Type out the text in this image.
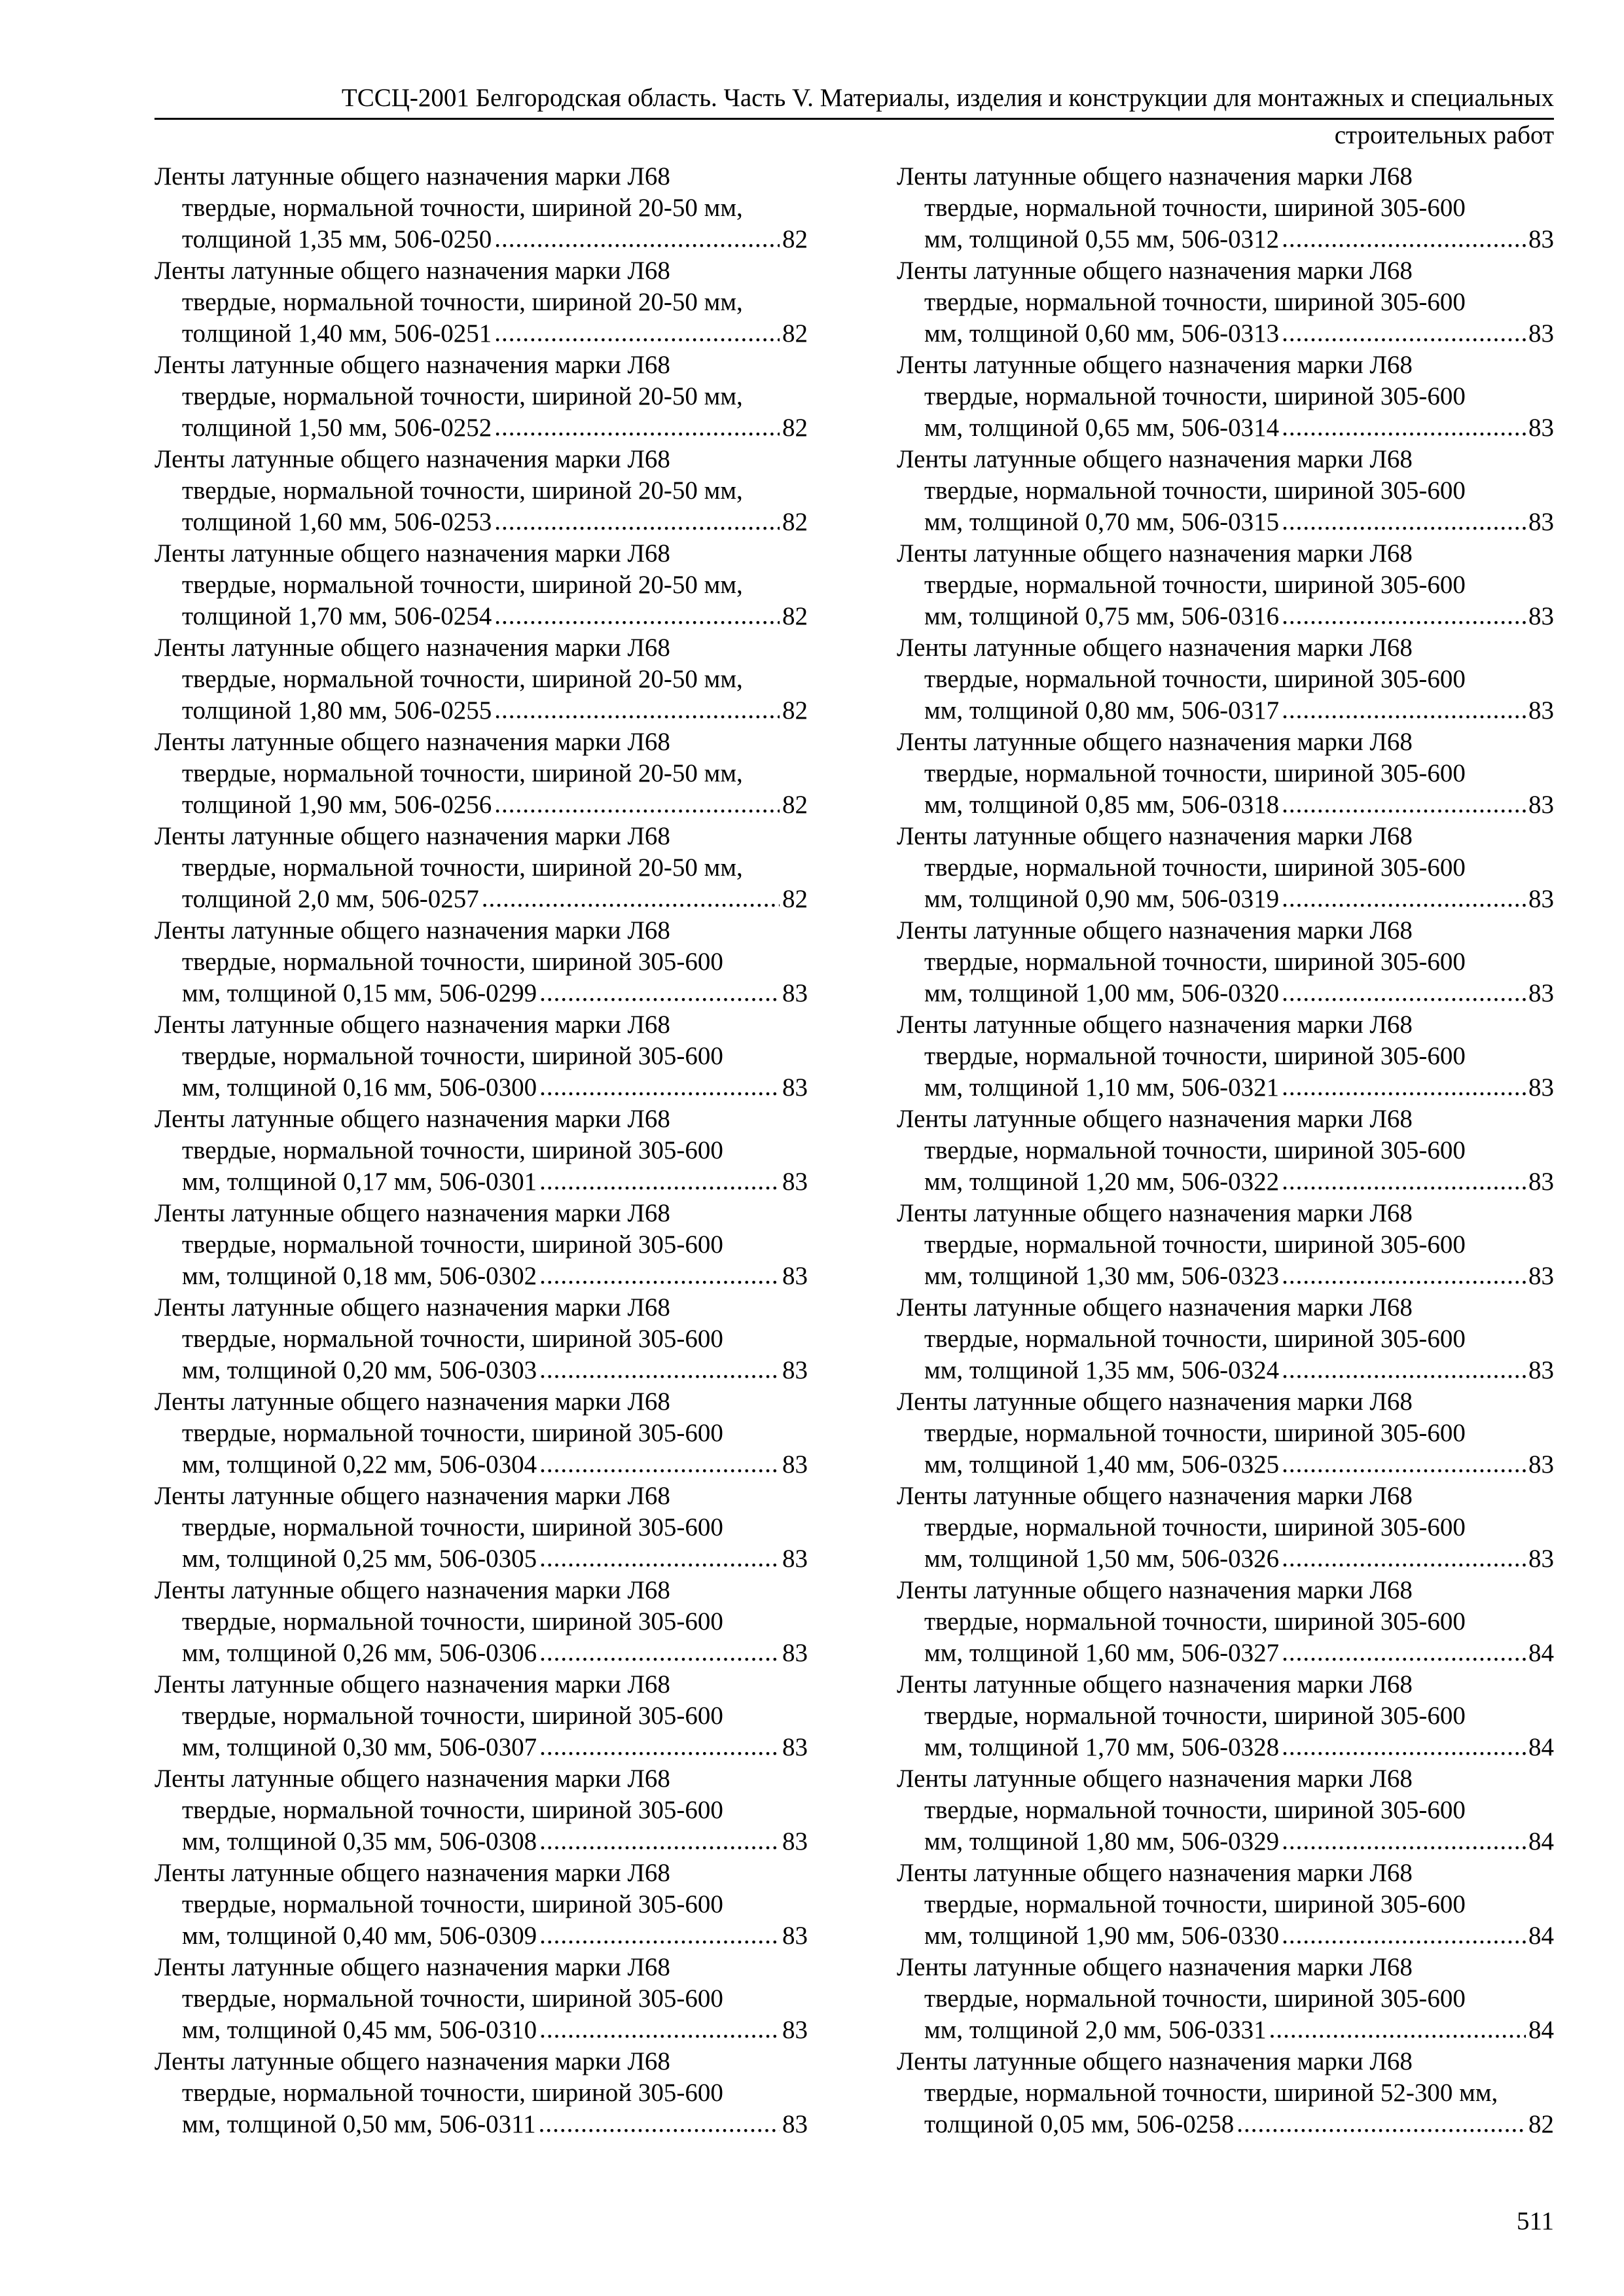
ТССЦ-2001 Белгородская область. Часть V. Материалы, изделия и конструкции для монтажных и специальных
строительных работ
Ленты латунные общего назначения марки Л68
твердые, нормальной точности, шириной 20-50 мм,
толщиной 1,35 мм, 506-0250 .....	82
Ленты латунные общего назначения марки Л68
твердые, нормальной точности, шириной 20-50 мм,
толщиной 1,40 мм, 506-0251 .....	82
Ленты латунные общего назначения марки Л68
твердые, нормальной точности, шириной 20-50 мм,
толщиной 1,50 мм, 506-0252 .....	82
Ленты латунные общего назначения марки Л68
твердые, нормальной точности, шириной 20-50 мм,
толщиной 1,60 мм, 506-0253 .....	82
Ленты латунные общего назначения марки Л68
твердые, нормальной точности, шириной 20-50 мм,
толщиной 1,70 мм, 506-0254 .....	82
Ленты латунные общего назначения марки Л68
твердые, нормальной точности, шириной 20-50 мм,
толщиной 1,80 мм, 506-0255 .....	82
Ленты латунные общего назначения марки Л68
твердые, нормальной точности, шириной 20-50 мм,
толщиной 1,90 мм, 506-0256 .....	82
Ленты латунные общего назначения марки Л68
твердые, нормальной точности, шириной 20-50 мм,
толщиной 2,0 мм, 506-0257 .....	82
Ленты латунные общего назначения марки Л68
твердые, нормальной точности, шириной 305-600
мм, толщиной 0,15 мм, 506-0299 .....	83
Ленты латунные общего назначения марки Л68
твердые, нормальной точности, шириной 305-600
мм, толщиной 0,16 мм, 506-0300 .....	83
Ленты латунные общего назначения марки Л68
твердые, нормальной точности, шириной 305-600
мм, толщиной 0,17 мм, 506-0301 .....	83
Ленты латунные общего назначения марки Л68
твердые, нормальной точности, шириной 305-600
мм, толщиной 0,18 мм, 506-0302 .....	83
Ленты латунные общего назначения марки Л68
твердые, нормальной точности, шириной 305-600
мм, толщиной 0,20 мм, 506-0303 .....	83
Ленты латунные общего назначения марки Л68
твердые, нормальной точности, шириной 305-600
мм, толщиной 0,22 мм, 506-0304 .....	83
Ленты латунные общего назначения марки Л68
твердые, нормальной точности, шириной 305-600
мм, толщиной 0,25 мм, 506-0305 .....	83
Ленты латунные общего назначения марки Л68
твердые, нормальной точности, шириной 305-600
мм, толщиной 0,26 мм, 506-0306 .....	83
Ленты латунные общего назначения марки Л68
твердые, нормальной точности, шириной 305-600
мм, толщиной 0,30 мм, 506-0307 .....	83
Ленты латунные общего назначения марки Л68
твердые, нормальной точности, шириной 305-600
мм, толщиной 0,35 мм, 506-0308 .....	83
Ленты латунные общего назначения марки Л68
твердые, нормальной точности, шириной 305-600
мм, толщиной 0,40 мм, 506-0309 .....	83
Ленты латунные общего назначения марки Л68
твердые, нормальной точности, шириной 305-600
мм, толщиной 0,45 мм, 506-0310 .....	83
Ленты латунные общего назначения марки Л68
твердые, нормальной точности, шириной 305-600
мм, толщиной 0,50 мм, 506-0311 .....	83
Ленты латунные общего назначения марки Л68
твердые, нормальной точности, шириной 305-600
мм, толщиной 0,55 мм, 506-0312 .....	83
Ленты латунные общего назначения марки Л68
твердые, нормальной точности, шириной 305-600
мм, толщиной 0,60 мм, 506-0313 .....	83
Ленты латунные общего назначения марки Л68
твердые, нормальной точности, шириной 305-600
мм, толщиной 0,65 мм, 506-0314 .....	83
Ленты латунные общего назначения марки Л68
твердые, нормальной точности, шириной 305-600
мм, толщиной 0,70 мм, 506-0315 .....	83
Ленты латунные общего назначения марки Л68
твердые, нормальной точности, шириной 305-600
мм, толщиной 0,75 мм, 506-0316 .....	83
Ленты латунные общего назначения марки Л68
твердые, нормальной точности, шириной 305-600
мм, толщиной 0,80 мм, 506-0317 .....	83
Ленты латунные общего назначения марки Л68
твердые, нормальной точности, шириной 305-600
мм, толщиной 0,85 мм, 506-0318 .....	83
Ленты латунные общего назначения марки Л68
твердые, нормальной точности, шириной 305-600
мм, толщиной 0,90 мм, 506-0319 .....	83
Ленты латунные общего назначения марки Л68
твердые, нормальной точности, шириной 305-600
мм, толщиной 1,00 мм, 506-0320 .....	83
Ленты латунные общего назначения марки Л68
твердые, нормальной точности, шириной 305-600
мм, толщиной 1,10 мм, 506-0321 .....	83
Ленты латунные общего назначения марки Л68
твердые, нормальной точности, шириной 305-600
мм, толщиной 1,20 мм, 506-0322 .....	83
Ленты латунные общего назначения марки Л68
твердые, нормальной точности, шириной 305-600
мм, толщиной 1,30 мм, 506-0323 .....	83
Ленты латунные общего назначения марки Л68
твердые, нормальной точности, шириной 305-600
мм, толщиной 1,35 мм, 506-0324 .....	83
Ленты латунные общего назначения марки Л68
твердые, нормальной точности, шириной 305-600
мм, толщиной 1,40 мм, 506-0325 .....	83
Ленты латунные общего назначения марки Л68
твердые, нормальной точности, шириной 305-600
мм, толщиной 1,50 мм, 506-0326 .....	83
Ленты латунные общего назначения марки Л68
твердые, нормальной точности, шириной 305-600
мм, толщиной 1,60 мм, 506-0327 .....	84
Ленты латунные общего назначения марки Л68
твердые, нормальной точности, шириной 305-600
мм, толщиной 1,70 мм, 506-0328 .....	84
Ленты латунные общего назначения марки Л68
твердые, нормальной точности, шириной 305-600
мм, толщиной 1,80 мм, 506-0329 .....	84
Ленты латунные общего назначения марки Л68
твердые, нормальной точности, шириной 305-600
мм, толщиной 1,90 мм, 506-0330 .....	84
Ленты латунные общего назначения марки Л68
твердые, нормальной точности, шириной 305-600
мм, толщиной 2,0 мм, 506-0331 .....	84
Ленты латунные общего назначения марки Л68
твердые, нормальной точности, шириной 52-300 мм,
толщиной 0,05 мм, 506-0258 .....	82
511
